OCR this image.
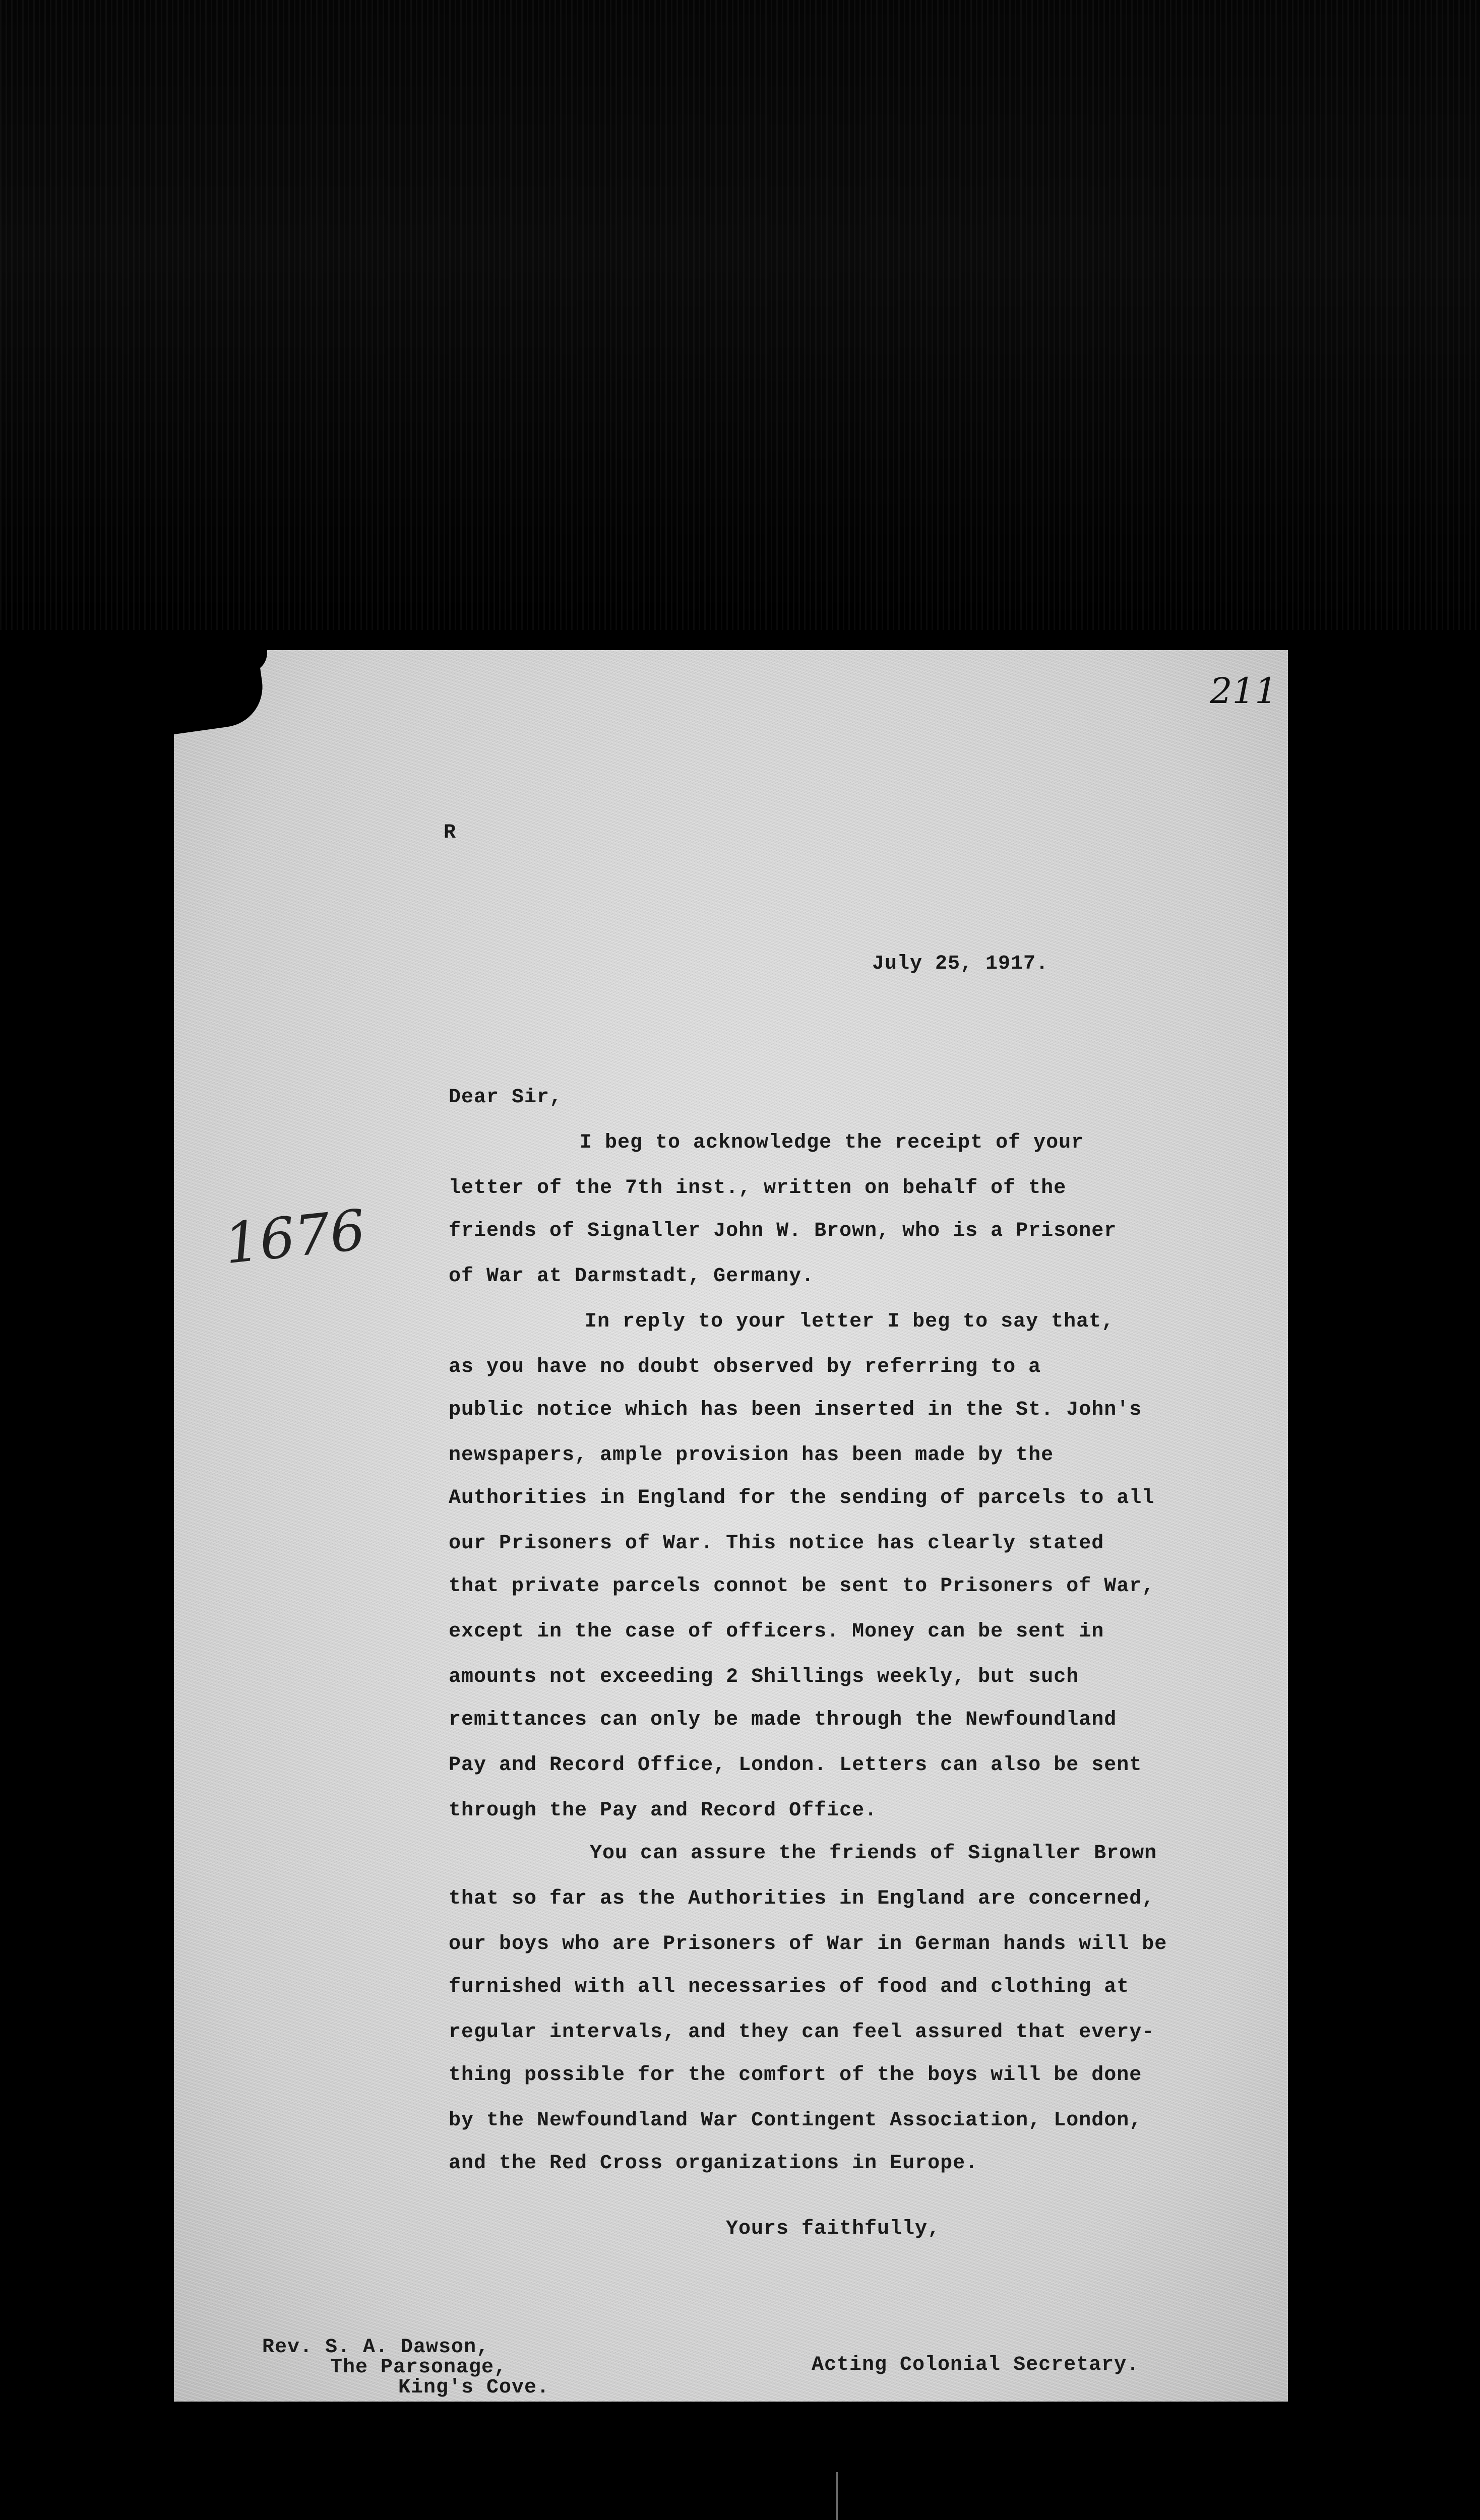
211
1676
R
July 25, 1917.
Dear Sir,
I beg to acknowledge the receipt of your
letter of the 7th inst., written on behalf of the
friends of Signaller John W. Brown, who is a Prisoner
of War at Darmstadt, Germany.
In reply to your letter I beg to say that,
as you have no doubt observed by referring to a
public notice which has been inserted in the St. John's
newspapers, ample provision has been made by the
Authorities in England for the sending of parcels to all
our Prisoners of War. This notice has clearly stated
that private parcels connot be sent to Prisoners of War,
except in the case of officers. Money can be sent in
amounts not exceeding 2 Shillings weekly, but such
remittances can only be made through the Newfoundland
Pay and Record Office, London. Letters can also be sent
through the Pay and Record Office.
You can assure the friends of Signaller Brown
that so far as the Authorities in England are concerned,
our boys who are Prisoners of War in German hands will be
furnished with all necessaries of food and clothing at
regular intervals, and they can feel assured that every-
thing possible for the comfort of the boys will be done
by the Newfoundland War Contingent Association, London,
and the Red Cross organizations in Europe.
Yours faithfully,
Rev. S. A. Dawson,
The Parsonage,
King's Cove.
Acting Colonial Secretary.
